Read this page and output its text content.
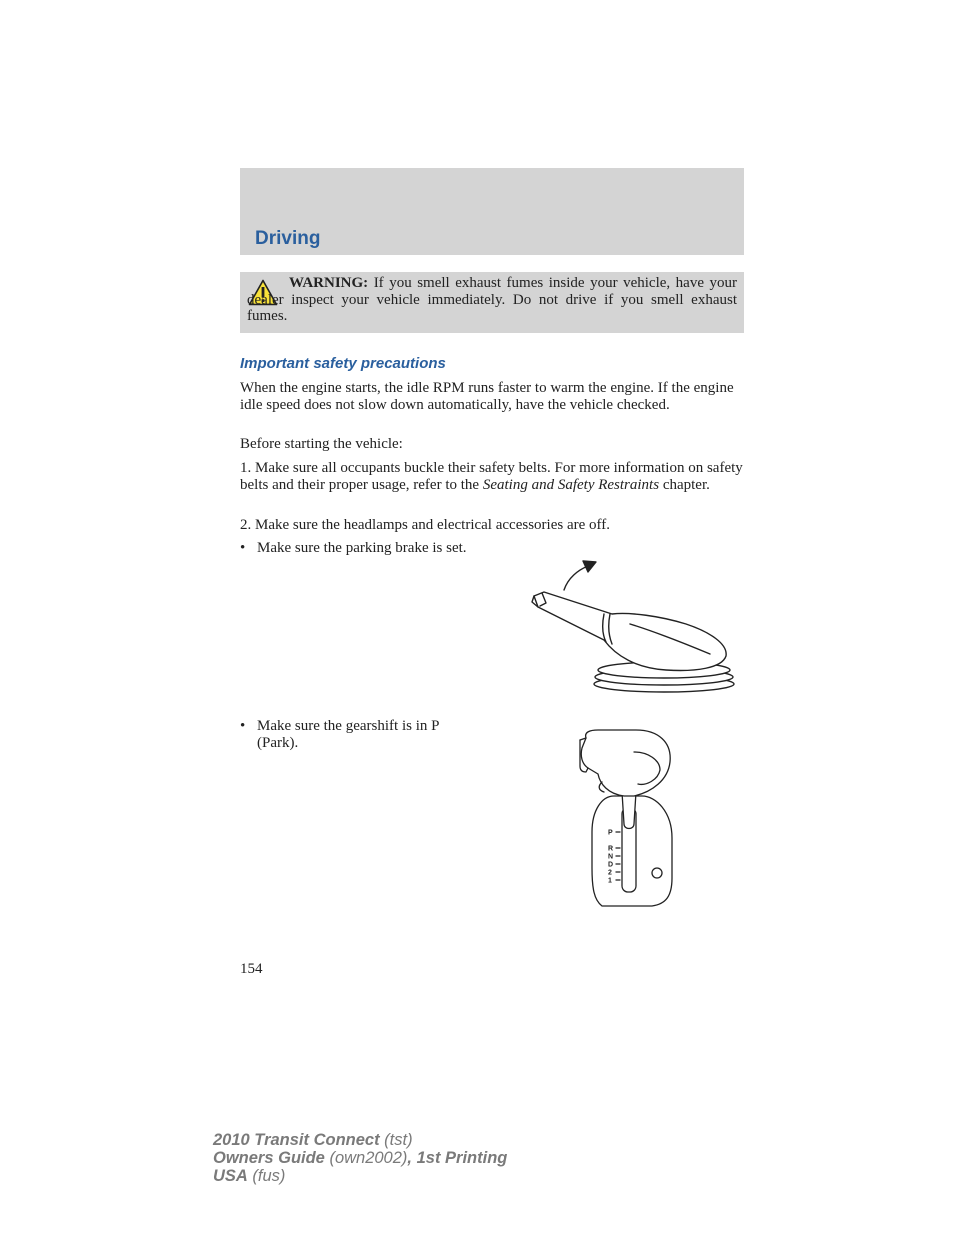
Driving
WARNING: If you smell exhaust fumes inside your vehicle, have your dealer inspect your vehicle immediately. Do not drive if you smell exhaust fumes.
Important safety precautions

When the engine starts, the idle RPM runs faster to warm the engine. If the engine idle speed does not slow down automatically, have the vehicle checked.

Before starting the vehicle:

1. Make sure all occupants buckle their safety belts. For more information on safety belts and their proper usage, refer to the Seating and Safety Restraints chapter.

2. Make sure the headlamps and electrical accessories are off.

• Make sure the parking brake is set.
• Make sure the gearshift is in P (Park).
P
R
N
D
2
1
154
2010 Transit Connect (tst)
Owners Guide (own2002), 1st Printing
USA (fus)
